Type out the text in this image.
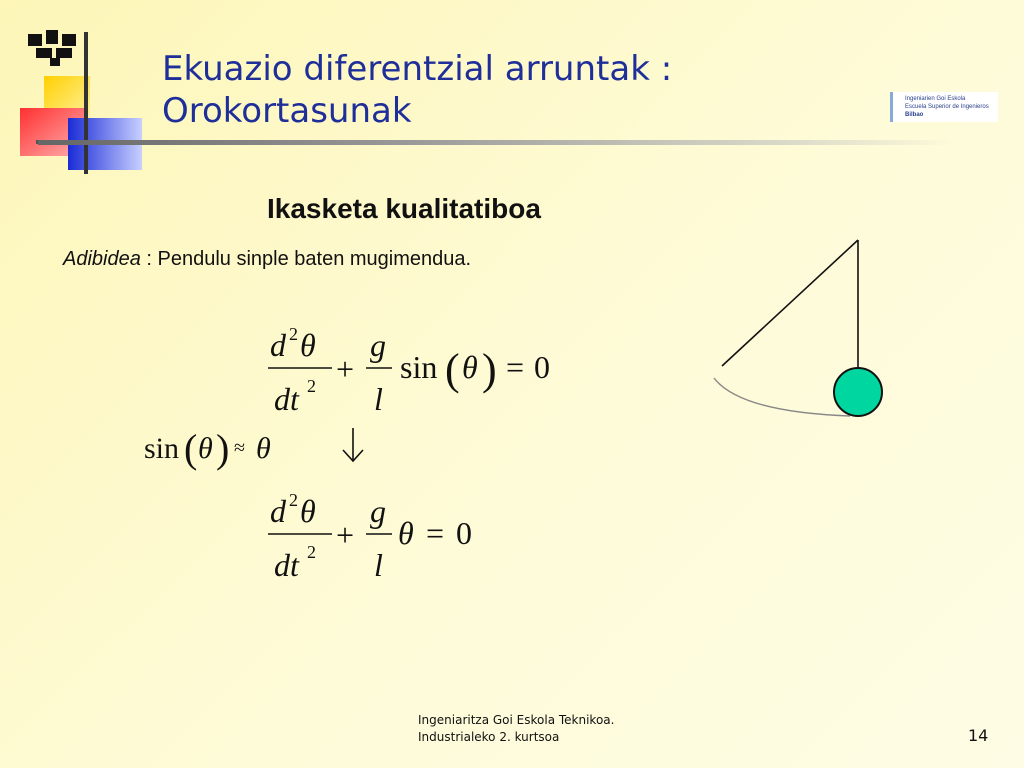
Ingeniarien Goi Eskola
Escuela Superior de Ingenieros
Bilbao
Ekuazio diferentzial arruntak :
Orokortasunak
Ikasketa kualitatiboa
Adibidea : Pendulu sinple baten mugimendua.
d 2 θ
dt 2 +
g
l
sin ( θ ) = 0
sin ( θ ) ≈ θ
d 2 θ
dt 2 +
g
l
θ = 0
Ingeniaritza Goi Eskola Teknikoa.
Industrialeko 2. kurtsoa	14
